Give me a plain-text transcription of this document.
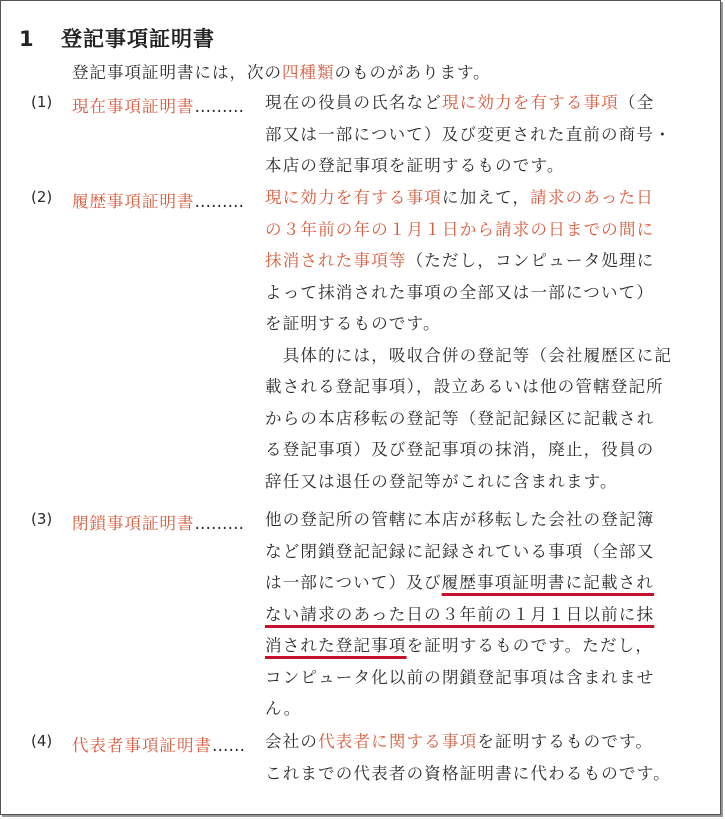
1 登記事項証明書
登記事項証明書には，次の四種類のものがあります。
(1)	現在事項証明書……… 現在の役員の氏名など現に効力を有する事項（全
部又は一部について）及び変更された直前の商号・
本店の登記事項を証明するものです。
(2)	履歴事項証明書……… 現に効力を有する事項に加えて，請求のあった日
の３年前の年の１月１日から請求の日までの間に
抹消された事項等（ただし，コンピュータ処理に
よって抹消された事項の全部又は一部について）
を証明するものです。
　具体的には，吸収合併の登記等（会社履歴区に記
載される登記事項），設立あるいは他の管轄登記所
からの本店移転の登記等（登記記録区に記載され
る登記事項）及び登記事項の抹消，廃止，役員の
辞任又は退任の登記等がこれに含まれます。
(3)	閉鎖事項証明書……… 他の登記所の管轄に本店が移転した会社の登記簿
など閉鎖登記記録に記録されている事項（全部又
は一部について）及び履歴事項証明書に記載され
ない請求のあった日の３年前の１月１日以前に抹
消された登記事項を証明するものです。ただし，
コンピュータ化以前の閉鎖登記事項は含まれませ
ん。
(4)	代表者事項証明書…… 会社の代表者に関する事項を証明するものです。
これまでの代表者の資格証明書に代わるものです。
